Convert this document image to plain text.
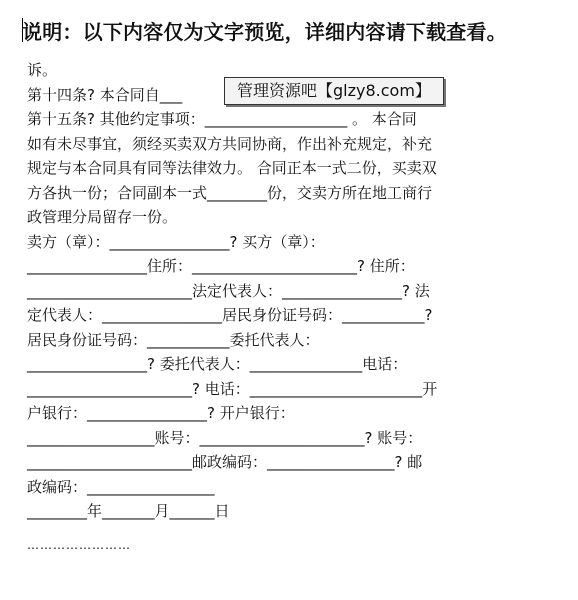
说明：以下内容仅为文字预览，详细内容请下载查看。
诉。
第十四条? 本合同自___
第十五条? 其他约定事项：___________________ 。 本合同
如有未尽事宜，须经买卖双方共同协商，作出补充规定，补充
规定与本合同具有同等法律效力。 合同正本一式二份，买卖双
方各执一份；合同副本一式________份，交卖方所在地工商行
政管理分局留存一份。
卖方（章）：________________? 买方（章）：
________________住所：______________________? 住所：
______________________法定代表人：________________? 法
定代表人：________________居民身份证号码：___________?
居民身份证号码：___________委托代表人：
________________? 委托代表人：_______________电话：
______________________? 电话：_______________________开
户银行：________________? 开户银行：
_________________账号：______________________? 账号：
______________________邮政编码：_________________? 邮
政编码：_________________
________年_______月______日
管理资源吧【glzy8.com】
……………………
